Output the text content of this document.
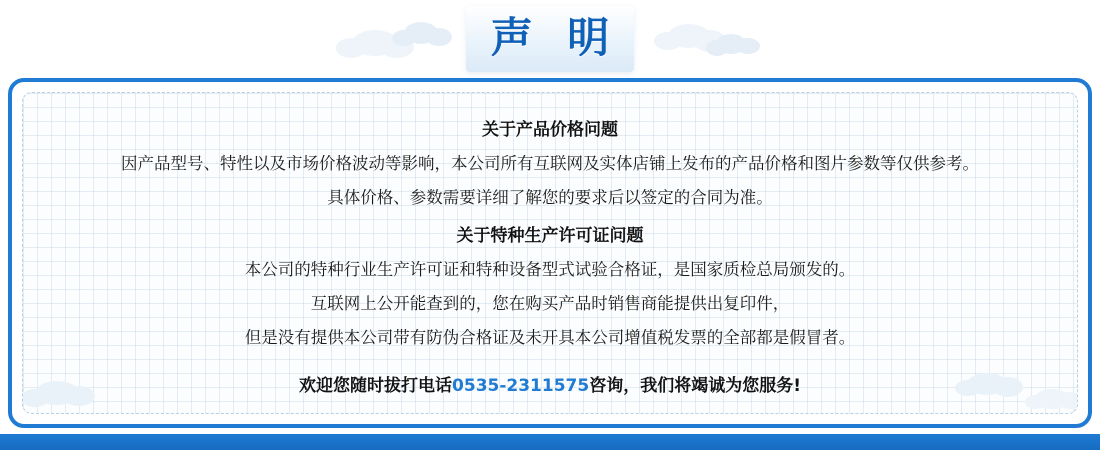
声 明
关于产品价格问题

因产品型号、特性以及市场价格波动等影响，本公司所有互联网及实体店铺上发布的产品价格和图片参数等仅供参考。

具体价格、参数需要详细了解您的要求后以签定的合同为准。

关于特种生产许可证问题

本公司的特种行业生产许可证和特种设备型式试验合格证，是国家质检总局颁发的。

互联网上公开能查到的，您在购买产品时销售商能提供出复印件，

但是没有提供本公司带有防伪合格证及未开具本公司增值税发票的全部都是假冒者。

欢迎您随时拔打电话0535-2311575咨询，我们将竭诚为您服务!
